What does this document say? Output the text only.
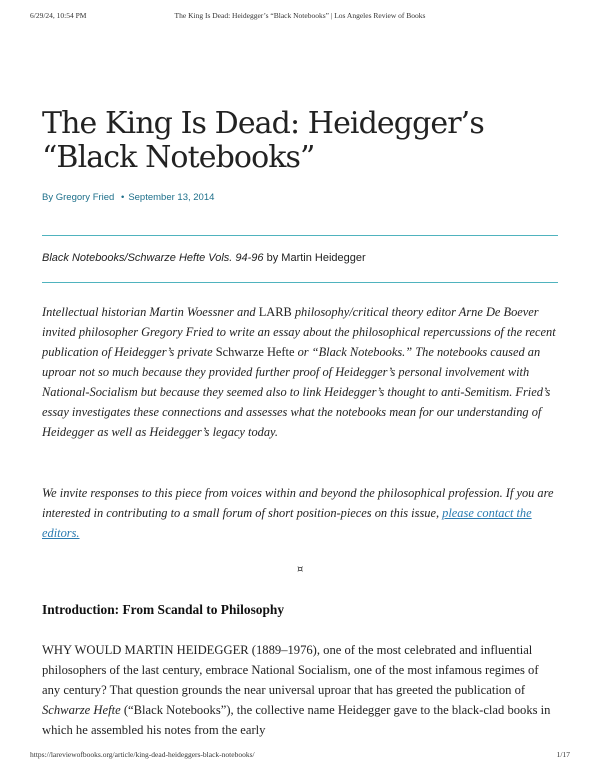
6/29/24, 10:54 PM	The King Is Dead: Heidegger’s “Black Notebooks” | Los Angeles Review of Books
The King Is Dead: Heidegger’s “Black Notebooks”
By Gregory Fried • September 13, 2014
Black Notebooks/Schwarze Hefte Vols. 94-96 by Martin Heidegger

Intellectual historian Martin Woessner and LARB philosophy/critical theory editor Arne De Boever invited philosopher Gregory Fried to write an essay about the philosophical repercussions of the recent publication of Heidegger’s private Schwarze Hefte or “Black Notebooks.” The notebooks caused an uproar not so much because they provided further proof of Heidegger’s personal involvement with National-Socialism but because they seemed also to link Heidegger’s thought to anti-Semitism. Fried’s essay investigates these connections and assesses what the notebooks mean for our understanding of Heidegger as well as Heidegger’s legacy today.

We invite responses to this piece from voices within and beyond the philosophical profession. If you are interested in contributing to a small forum of short position-pieces on this issue, please contact the editors.

¤
Introduction: From Scandal to Philosophy

WHY WOULD MARTIN HEIDEGGER (1889–1976), one of the most celebrated and influential philosophers of the last century, embrace National Socialism, one of the most infamous regimes of any century? That question grounds the near universal uproar that has greeted the publication of Schwarze Hefte (“Black Notebooks”), the collective name Heidegger gave to the black-clad books in which he assembled his notes from the early

https://lareviewofbooks.org/article/king-dead-heideggers-black-notebooks/	1/17
